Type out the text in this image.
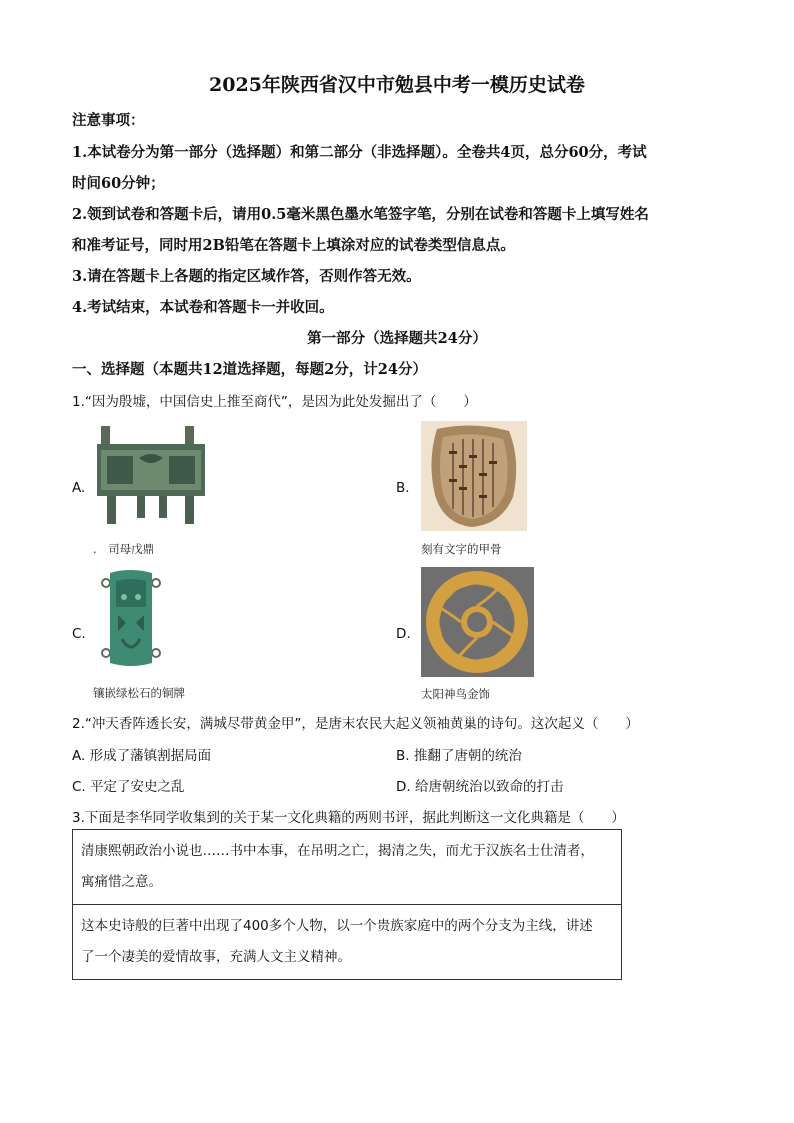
2025年陕西省汉中市勉县中考一模历史试卷
注意事项：
1.本试卷分为第一部分（选择题）和第二部分（非选择题）。全卷共4页，总分60分，考试
时间60分钟；
2.领到试卷和答题卡后，请用0.5毫米黑色墨水笔签字笔，分别在试卷和答题卡上填写姓名
和准考证号，同时用2B铅笔在答题卡上填涂对应的试卷类型信息点。
3.请在答题卡上各题的指定区域作答，否则作答无效。
4.考试结束，本试卷和答题卡一并收回。
第一部分（选择题共24分）
一、选择题（本题共12道选择题，每题2分，计24分）
1.“因为殷墟，中国信史上推至商代”，是因为此处发掘出了（　　）
A.
.　司母戊鼎
B.
刻有文字的甲骨
C.
镶嵌绿松石的铜牌
D.
太阳神鸟金饰
2.“冲天香阵透长安，满城尽带黄金甲”，是唐末农民大起义领袖黄巢的诗句。这次起义（　　）
A. 形成了藩镇割据局面	B. 推翻了唐朝的统治
C. 平定了安史之乱	D. 给唐朝统治以致命的打击
3.下面是李华同学收集到的关于某一文化典籍的两则书评，据此判断这一文化典籍是（　　）
清康熙朝政治小说也……书中本事，在吊明之亡，揭清之失，而尤于汉族名士仕清者，
寓痛惜之意。
这本史诗般的巨著中出现了400多个人物，以一个贵族家庭中的两个分支为主线，讲述
了一个凄美的爱情故事，充满人文主义精神。
